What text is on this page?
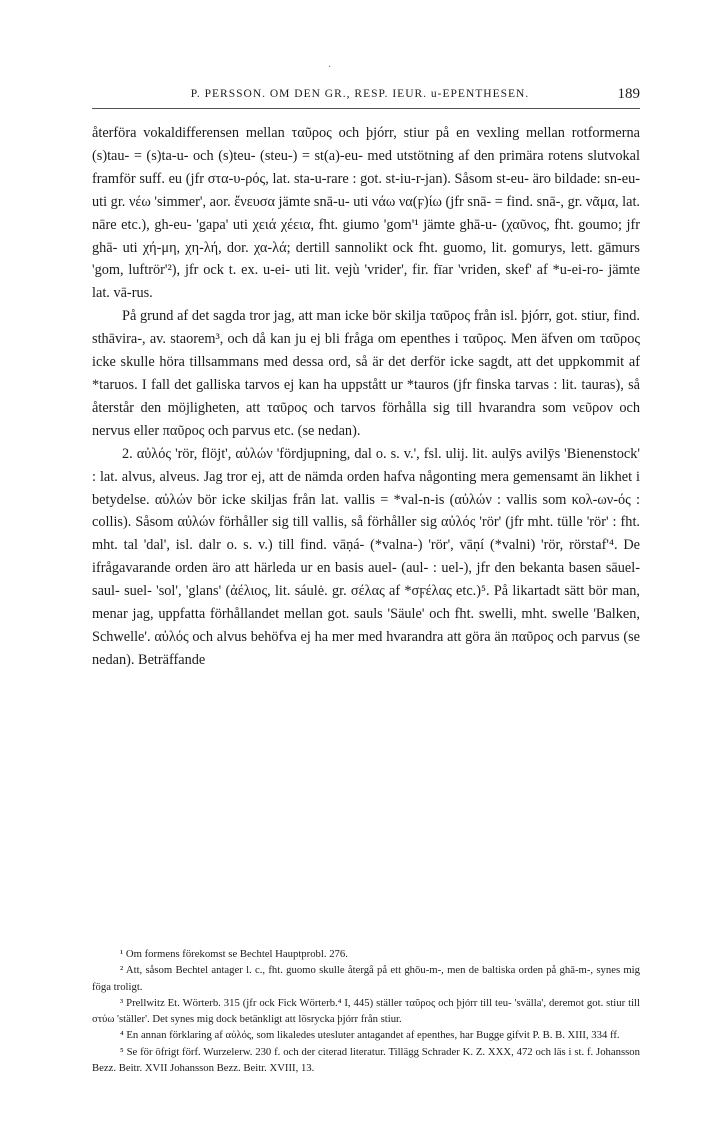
·
P. PERSSON. OM DEN GR., RESP. IEUR. u-EPENTHESEN.	189

återföra vokaldifferensen mellan ταῦρος och þjórr, stiur på en vexling mellan rotformerna (s)tau- = (s)ta-u- och (s)teu- (steu-) = st(a)-eu- med utstötning af den primära rotens slutvokal framför suff. eu (jfr στα-υ-ρός, lat. sta-u-rare : got. st-iu-r-jan). Såsom st-eu- äro bildade: sn-eu- uti gr. νέω 'simmer', aor. ἔνευσα jämte snā-u- uti νάω να(ϝ)ίω (jfr snā- = find. snā-, gr. νᾶμα, lat. nāre etc.), gh-eu- 'gapa' uti χειά χέεια, fht. giumo 'gom'¹ jämte ghā-u- (χαῦνος, fht. goumo; jfr ghā- uti χή-μη, χη-λή, dor. χα-λά; dertill sannolikt ock fht. guomo, lit. gomurys, lett. gāmurs 'gom, luftrör'²), jfr ock t. ex. u-ei- uti lit. vejù 'vrider', fir. fīar 'vriden, skef' af *u-ei-ro- jämte lat. vā-rus.

På grund af det sagda tror jag, att man icke bör skilja ταῦρος från isl. þjórr, got. stiur, find. sthāvira-, av. staorem³, och då kan ju ej bli fråga om epenthes i ταῦρος. Men äfven om ταῦρος icke skulle höra tillsammans med dessa ord, så är det derför icke sagdt, att det uppkommit af *taruos. I fall det galliska tarvos ej kan ha uppstått ur *tauros (jfr finska tarvas : lit. tauras), så återstår den möjligheten, att ταῦρος och tarvos förhålla sig till hvarandra som νεῦρον och nervus eller παῦρος och parvus etc. (se nedan).

2. αὐλός 'rör, flöjt', αὐλών 'fördjupning, dal o. s. v.', fsl. ulij. lit. aulȳs avilȳs 'Bienenstock' : lat. alvus, alveus. Jag tror ej, att de nämda orden hafva någonting mera gemensamt än likhet i betydelse. αὐλών bör icke skiljas från lat. vallis = *val-n-is (αὐλών : vallis som κολ-ων-ός : collis). Såsom αὐλών förhåller sig till vallis, så förhåller sig αὐλός 'rör' (jfr mht. tülle 'rör' : fht. mht. tal 'dal', isl. dalr o. s. v.) till find. vāṇá- (*valna-) 'rör', vāṇí (*valni) 'rör, rörstaf'⁴. De ifrågavarande orden äro att härleda ur en basis auel- (aul- : uel-), jfr den bekanta basen sāuel- saul- suel- 'sol', 'glans' (ἀέλιος, lit. sáulė. gr. σέλας af *σϝέλας etc.)⁵. På likartadt sätt bör man, menar jag, uppfatta förhållandet mellan got. sauls 'Säule' och fht. swelli, mht. swelle 'Balken, Schwelle'. αὐλός och alvus behöfva ej ha mer med hvarandra att göra än παῦρος och parvus (se nedan). Beträffande

¹ Om formens förekomst se Bechtel Hauptprobl. 276.

² Att, såsom Bechtel antager l. c., fht. guomo skulle återgå på ett ghōu-m-, men de baltiska orden på ghā-m-, synes mig föga troligt.

³ Prellwitz Et. Wörterb. 315 (jfr ock Fick Wörterb.⁴ I, 445) ställer ταῦρος och þjórr till teu- 'svälla', deremot got. stiur till στύω 'ställer'. Det synes mig dock betänkligt att lösrycka þjórr från stiur.

⁴ En annan förklaring af αὐλός, som likaledes utesluter antagandet af epenthes, har Bugge gifvit P. B. B. XIII, 334 ff.

⁵ Se för öfrigt förf. Wurzelerw. 230 f. och der citerad literatur. Tillägg Schrader K. Z. XXX, 472 och läs i st. f. Johansson Bezz. Beitr. XVII Johansson Bezz. Beitr. XVIII, 13.
